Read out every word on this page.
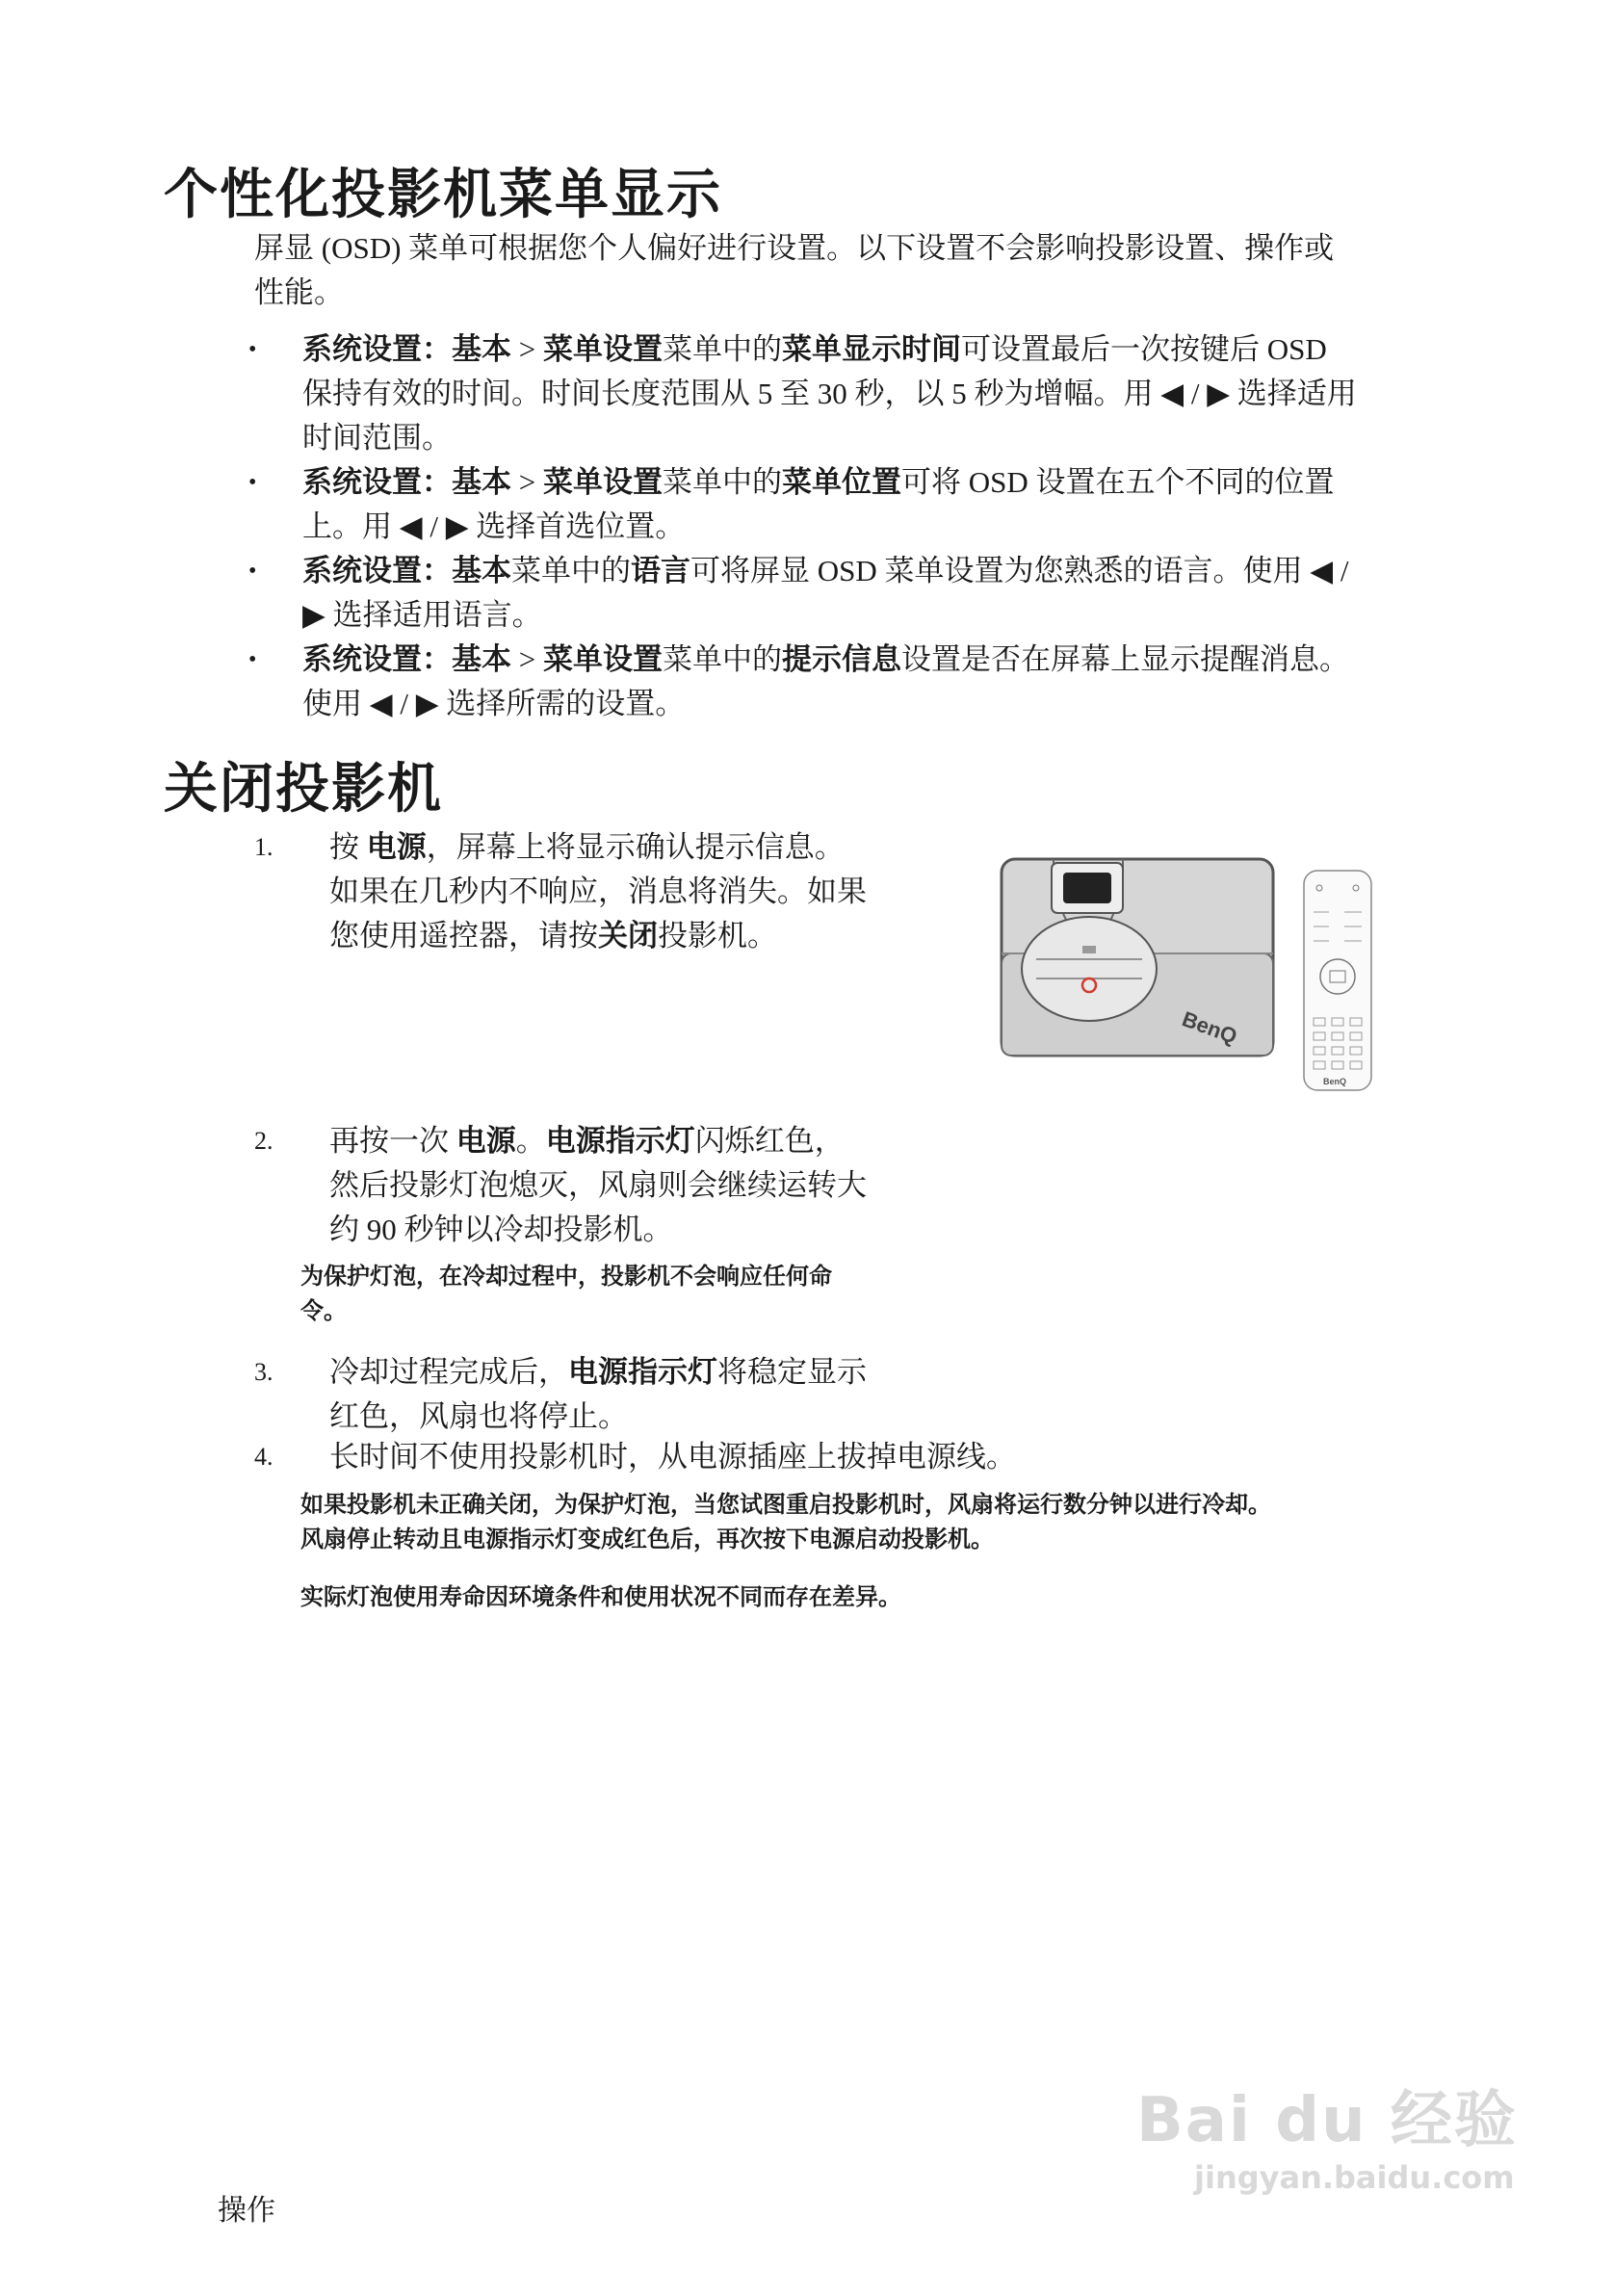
个性化投影机菜单显示
屏显 (OSD) 菜单可根据您个人偏好进行设置。以下设置不会影响投影设置、操作或
性能。
• 系统设置：基本 > 菜单设置菜单中的菜单显示时间可设置最后一次按键后 OSD
保持有效的时间。时间长度范围从 5 至 30 秒，以 5 秒为增幅。用 ◀ / ▶ 选择适用
时间范围。
• 系统设置：基本 > 菜单设置菜单中的菜单位置可将 OSD 设置在五个不同的位置
上。用 ◀ / ▶ 选择首选位置。
• 系统设置：基本菜单中的语言可将屏显 OSD 菜单设置为您熟悉的语言。使用 ◀ /
▶ 选择适用语言。
• 系统设置：基本 > 菜单设置菜单中的提示信息设置是否在屏幕上显示提醒消息。
使用 ◀ / ▶ 选择所需的设置。
关闭投影机
1. 按 电源，屏幕上将显示确认提示信息。
如果在几秒内不响应，消息将消失。如果
您使用遥控器，请按关闭投影机。
2. 再按一次 电源。电源指示灯闪烁红色，
然后投影灯泡熄灭，风扇则会继续运转大
约 90 秒钟以冷却投影机。
为保护灯泡，在冷却过程中，投影机不会响应任何命
令。
3. 冷却过程完成后，电源指示灯将稳定显示
红色，风扇也将停止。
4. 长时间不使用投影机时，从电源插座上拔掉电源线。
如果投影机未正确关闭，为保护灯泡，当您试图重启投影机时，风扇将运行数分钟以进行冷却。
风扇停止转动且电源指示灯变成红色后，再次按下电源启动投影机。
实际灯泡使用寿命因环境条件和使用状况不同而存在差异。
BenQ
BenQ
操作
Bai du 经验
jingyan.baidu.com
